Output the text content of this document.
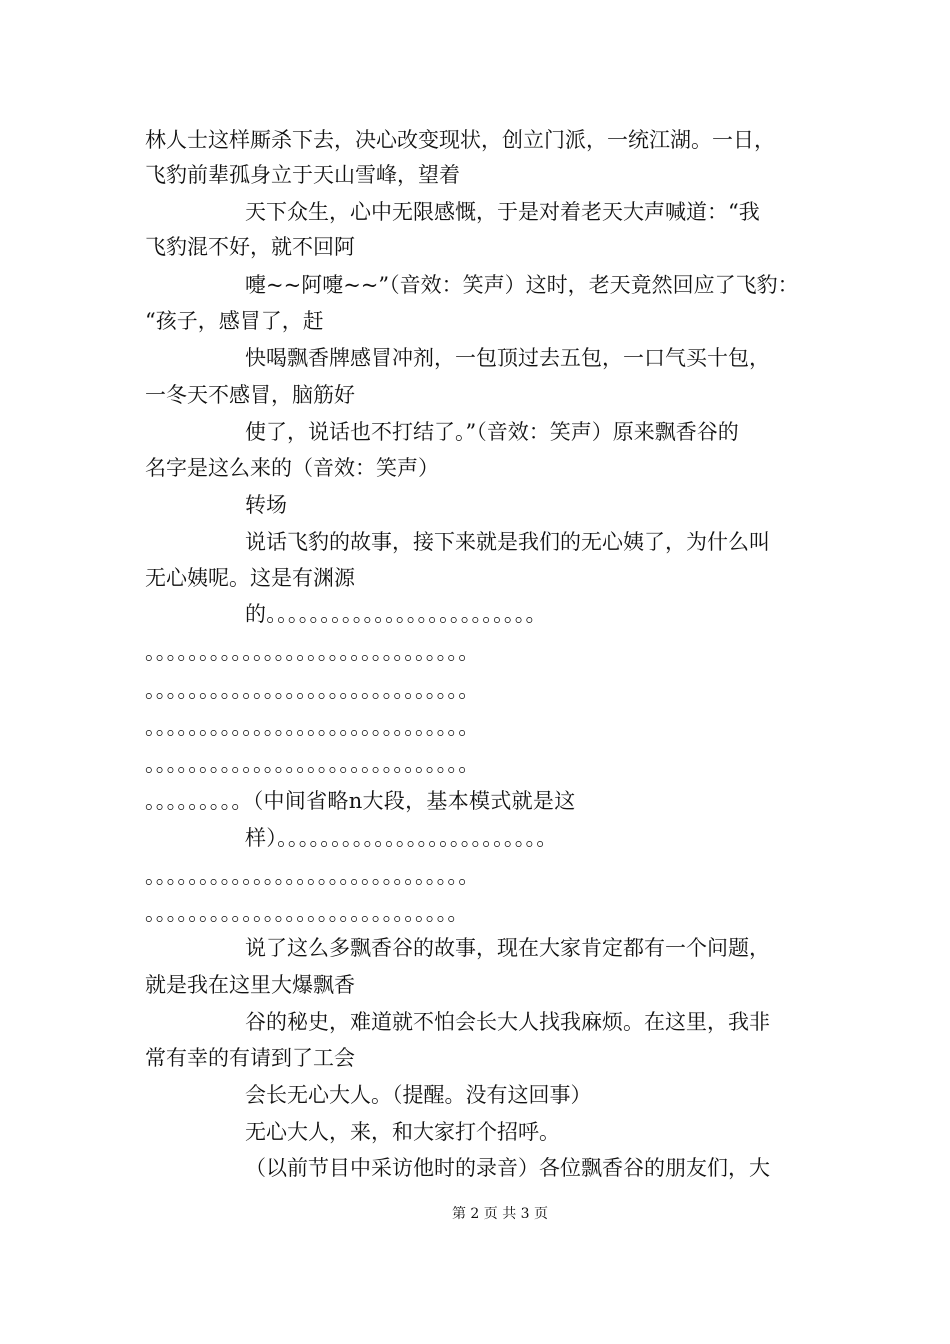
林人士这样厮杀下去，决心改变现状，创立门派，一统江湖。一日，
飞豹前辈孤身立于天山雪峰，望着
天下众生，心中无限感慨，于是对着老天大声喊道：“我
飞豹混不好，就不回阿
嚏~~阿嚏~~”（音效：笑声）这时，老天竟然回应了飞豹：
“孩子，感冒了，赶
快喝飘香牌感冒冲剂，一包顶过去五包，一口气买十包，
一冬天不感冒，脑筋好
使了，说话也不打结了。”（音效：笑声）原来飘香谷的
名字是这么来的（音效：笑声）
转场
说话飞豹的故事，接下来就是我们的无心姨了，为什么叫
无心姨呢。这是有渊源
的。。。。。。。。。。。。。。。。。。。。。。。。。
。。。。。。。。。。。。。。。。。。。。。。。。。。。。。。
。。。。。。。。。。。。。。。。。。。。。。。。。。。。。。
。。。。。。。。。。。。。。。。。。。。。。。。。。。。。。
。。。。。。。。。。。。。。。。。。。。。。。。。。。。。。
。。。。。。。。。（中间省略n大段，基本模式就是这
样）。。。。。。。。。。。。。。。。。。。。。。。。。
。。。。。。。。。。。。。。。。。。。。。。。。。。。。。。
。。。。。。。。。。。。。。。。。。。。。。。。。。。。。
说了这么多飘香谷的故事，现在大家肯定都有一个问题，
就是我在这里大爆飘香
谷的秘史，难道就不怕会长大人找我麻烦。在这里，我非
常有幸的有请到了工会
会长无心大人。（提醒。没有这回事）
无心大人，来，和大家打个招呼。
（以前节目中采访他时的录音）各位飘香谷的朋友们，大
第 2 页 共 3 页
